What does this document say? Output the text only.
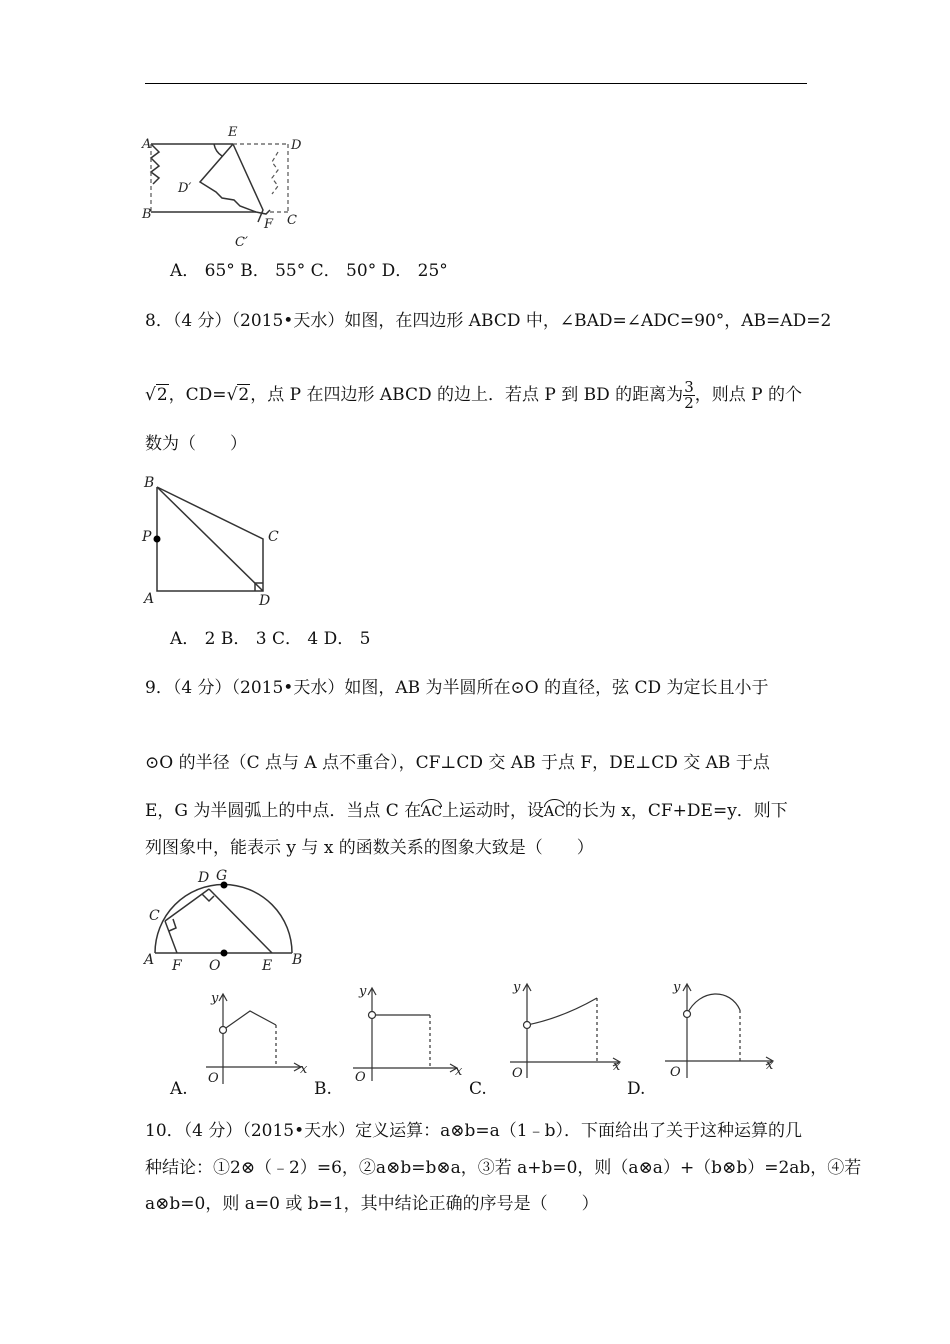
A
E
D
D′
B
F C
C′
A． 65° B． 55° C． 50° D． 25°
8．（4 分）（2015•天水）如图，在四边形 ABCD 中，∠BAD=∠ADC=90°，AB=AD=2
√2，CD=√2，点 P 在四边形 ABCD 的边上．若点 P 到 BD 的距离为 $\frac{3}{2}$ ，则点 P 的个
数为（　　）
B
C
P
A	D
A． 2 B． 3 C． 4 D． 5
9．（4 分）（2015•天水）如图，AB 为半圆所在⊙O 的直径，弦 CD 为定长且小于
⊙O 的半径（C 点与 A 点不重合），CF⊥CD 交 AB 于点 F，DE⊥CD 交 AB 于点
E，G 为半圆弧上的中点．当点 C 在AC上运动时，设AC的长为 x，CF+DE=y．则下
列图象中，能表示 y 与 x 的函数关系的图象大致是（　　）
D G
C
A F O	E B
y
x
O
A.
y
x
O
B.
y
x
O
C.
y
x
O
D.
10．（4 分）（2015•天水）定义运算：a⊗b=a（1﹣b）．下面给出了关于这种运算的几
种结论：①2⊗（﹣2）=6，②a⊗b=b⊗a，③若 a+b=0，则（a⊗a）+（b⊗b）=2ab，④若
a⊗b=0，则 a=0 或 b=1，其中结论正确的序号是（　　）
